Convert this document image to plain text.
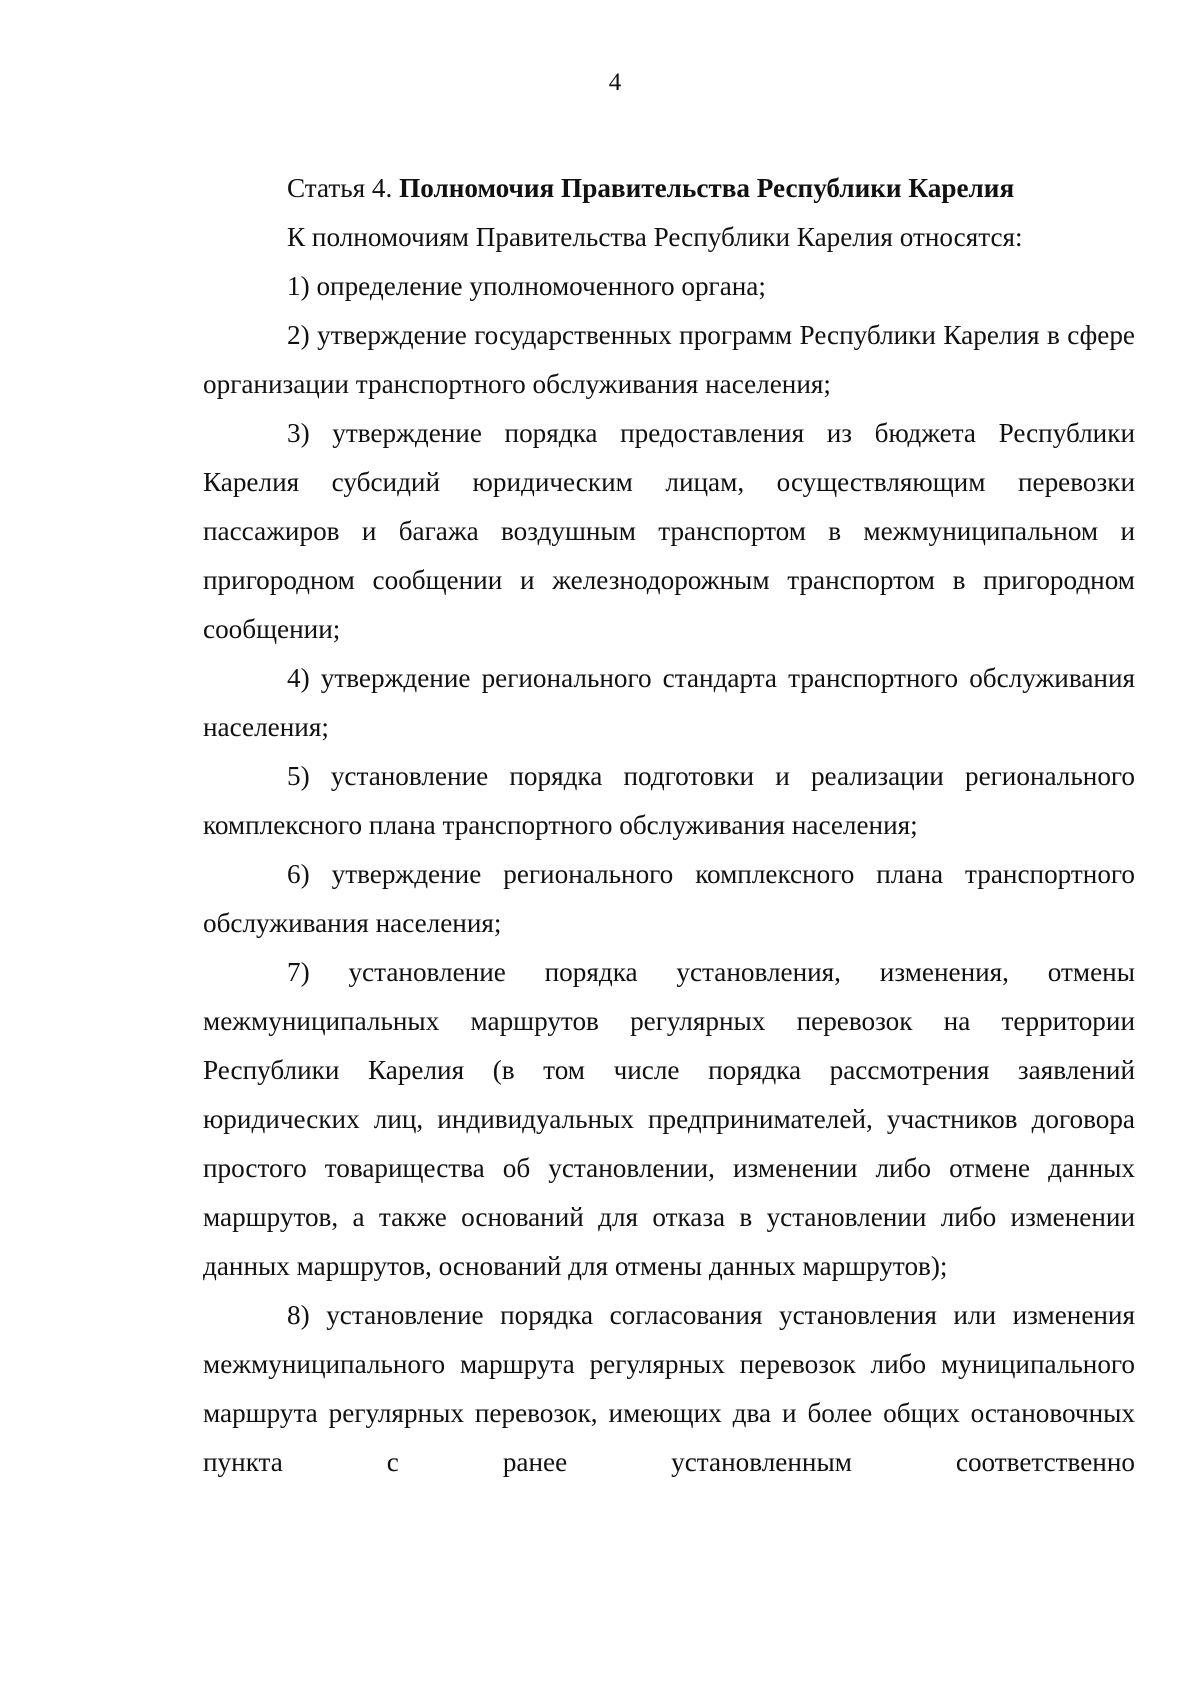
4

Статья 4. Полномочия Правительства Республики Карелия

К полномочиям Правительства Республики Карелия относятся:

1) определение уполномоченного органа;

2) утверждение государственных программ Республики Карелия в сфере организации транспортного обслуживания населения;

3) утверждение порядка предоставления из бюджета Республики Карелия субсидий юридическим лицам, осуществляющим перевозки пассажиров и багажа воздушным транспортом в межмуниципальном и пригородном сообщении и железнодорожным транспортом в пригородном сообщении;

4) утверждение регионального стандарта транспортного обслуживания населения;

5) установление порядка подготовки и реализации регионального комплексного плана транспортного обслуживания населения;

6) утверждение регионального комплексного плана транспортного обслуживания населения;

7) установление порядка установления, изменения, отмены межмуниципальных маршрутов регулярных перевозок на территории Республики Карелия (в том числе порядка рассмотрения заявлений юридических лиц, индивидуальных предпринимателей, участников договора простого товарищества об установлении, изменении либо отмене данных маршрутов, а также оснований для отказа в установлении либо изменении данных маршрутов, оснований для отмены данных маршрутов);

8) установление порядка согласования установления или изменения межмуниципального маршрута регулярных перевозок либо муниципального маршрута регулярных перевозок, имеющих два и более общих остановочных пункта с ранее установленным соответственно
